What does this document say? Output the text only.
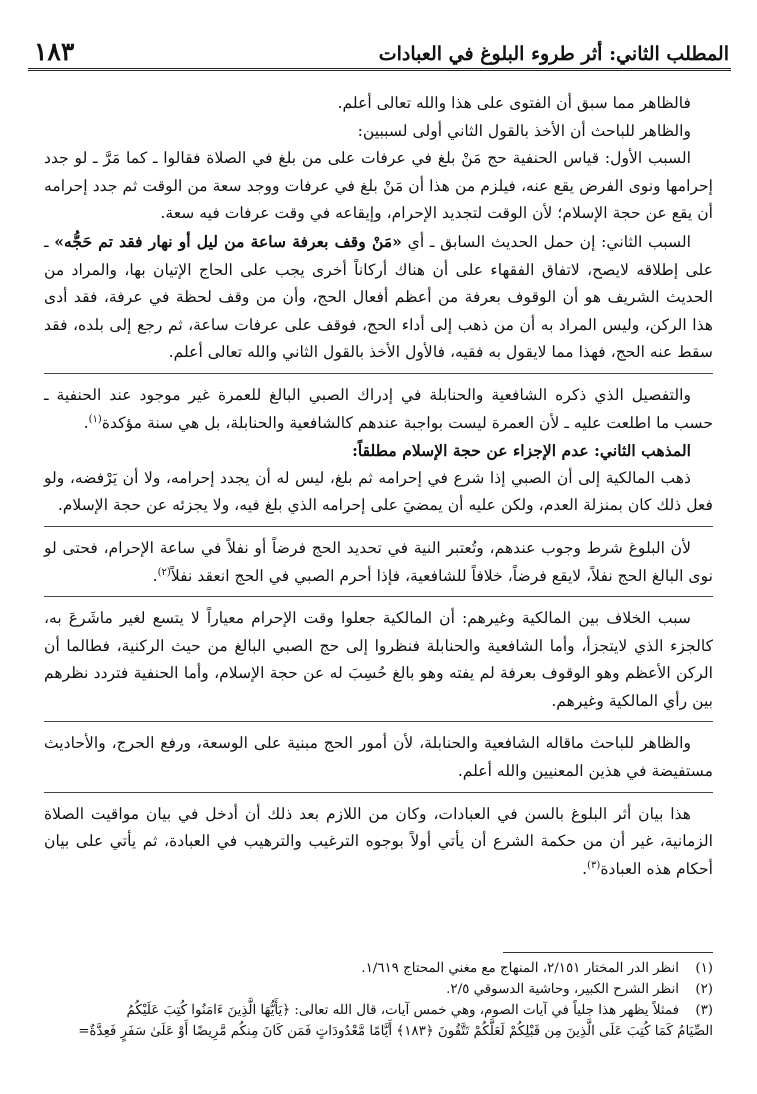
المطلب الثاني: أثر طروء البلوغ في العبادات
١٨٣

فالظاهر مما سبق أن الفتوى على هذا والله تعالى أعلم.

والظاهر للباحث أن الأخذ بالقول الثاني أولى لسببين:

السبب الأول: قياس الحنفية حج مَنْ بلغ في عرفات على من بلغ في الصلاة فقالوا ـ كما مَرَّ ـ لو جدد إحرامها ونوى الفرض يقع عنه، فيلزم من هذا أن مَنْ بلغ في عرفات ووجد سعة من الوقت ثم جدد إحرامه أن يقع عن حجة الإسلام؛ لأن الوقت لتجديد الإحرام، وإيقاعه في وقت عرفات فيه سعة.

السبب الثاني: إن حمل الحديث السابق ـ أي «مَنْ وقف بعرفة ساعة من ليل أو نهار فقد تم حَجُّه» ـ على إطلاقه لايصح، لاتفاق الفقهاء على أن هناك أركاناً أخرى يجب على الحاج الإتيان بها، والمراد من الحديث الشريف هو أن الوقوف بعرفة من أعظم أفعال الحج، وأن من وقف لحظة في عرفة، فقد أدى هذا الركن، وليس المراد به أن من ذهب إلى أداء الحج، فوقف على عرفات ساعة، ثم رجع إلى بلده، فقد سقط عنه الحج، فهذا مما لايقول به فقيه، فالأول الأخذ بالقول الثاني والله تعالى أعلم.

والتفصيل الذي ذكره الشافعية والحنابلة في إدراك الصبي البالغ للعمرة غير موجود عند الحنفية ـ حسب ما اطلعت عليه ـ لأن العمرة ليست بواجبة عندهم كالشافعية والحنابلة، بل هي سنة مؤكدة$^{(١)}$.

المذهب الثاني: عدم الإجزاء عن حجة الإسلام مطلقاً:

ذهب المالكية إلى أن الصبي إذا شرع في إحرامه ثم بلغ، ليس له أن يجدد إحرامه، ولا أن يَرْفضه، ولو فعل ذلك كان بمنزلة العدم، ولكن عليه أن يمضيَ على إحرامه الذي بلغ فيه، ولا يجزئه عن حجة الإسلام.

لأن البلوغ شرط وجوب عندهم، وتُعتبر النية في تحديد الحج فرضاً أو نفلاً في ساعة الإحرام، فحتى لو نوى البالغ الحج نفلاً، لايقع فرضاً، خلافاً للشافعية، فإذا أحرم الصبي في الحج انعقد نفلاً$^{(٢)}$.

سبب الخلاف بين المالكية وغيرهم: أن المالكية جعلوا وقت الإحرام معياراً لا يتسع لغير ماشَرعَ به، كالجزء الذي لايتجزأ، وأما الشافعية والحنابلة فنظروا إلى حج الصبي البالغ من حيث الركنية، فطالما أن الركن الأعظم وهو الوقوف بعرفة لم يفته وهو بالغ حُسِبَ له عن حجة الإسلام، وأما الحنفية فتردد نظرهم بين رأي المالكية وغيرهم.

والظاهر للباحث ماقاله الشافعية والحنابلة، لأن أمور الحج مبنية على الوسعة، ورفع الحرج، والأحاديث مستفيضة في هذين المعنيين والله أعلم.

هذا بيان أثر البلوغ بالسن في العبادات، وكان من اللازم بعد ذلك أن أدخل في بيان مواقيت الصلاة الزمانية، غير أن من حكمة الشرع أن يأتي أولاً بوجوه الترغيب والترهيب في العبادة، ثم يأتي على بيان أحكام هذه العبادة$^{(٣)}$.

(١)
انظر الدر المختار ٢/١٥١، المنهاج مع مغني المحتاج ١/٦١٩.
(٢)
انظر الشرح الكبير، وحاشية الدسوقي ٢/٥.
(٣)
فمثلاً يظهر هذا جلياً في آيات الصوم، وهي خمس آيات، قال الله تعالى: ﴿يَأَيُّهَا الَّذِينَ ءَامَنُوا كُتِبَ عَلَيْكُمُ
الصِّيَامُ كَمَا كُتِبَ عَلَى الَّذِينَ مِن قَبْلِكُمْ لَعَلَّكُمْ تَتَّقُونَ ﴿١٨٣﴾ أَيَّامًا مَّعْدُودَاتٍ فَمَن كَانَ مِنكُم مَّرِيضًا أَوْ عَلَىٰ سَفَرٍ فَعِدَّةٌ=
